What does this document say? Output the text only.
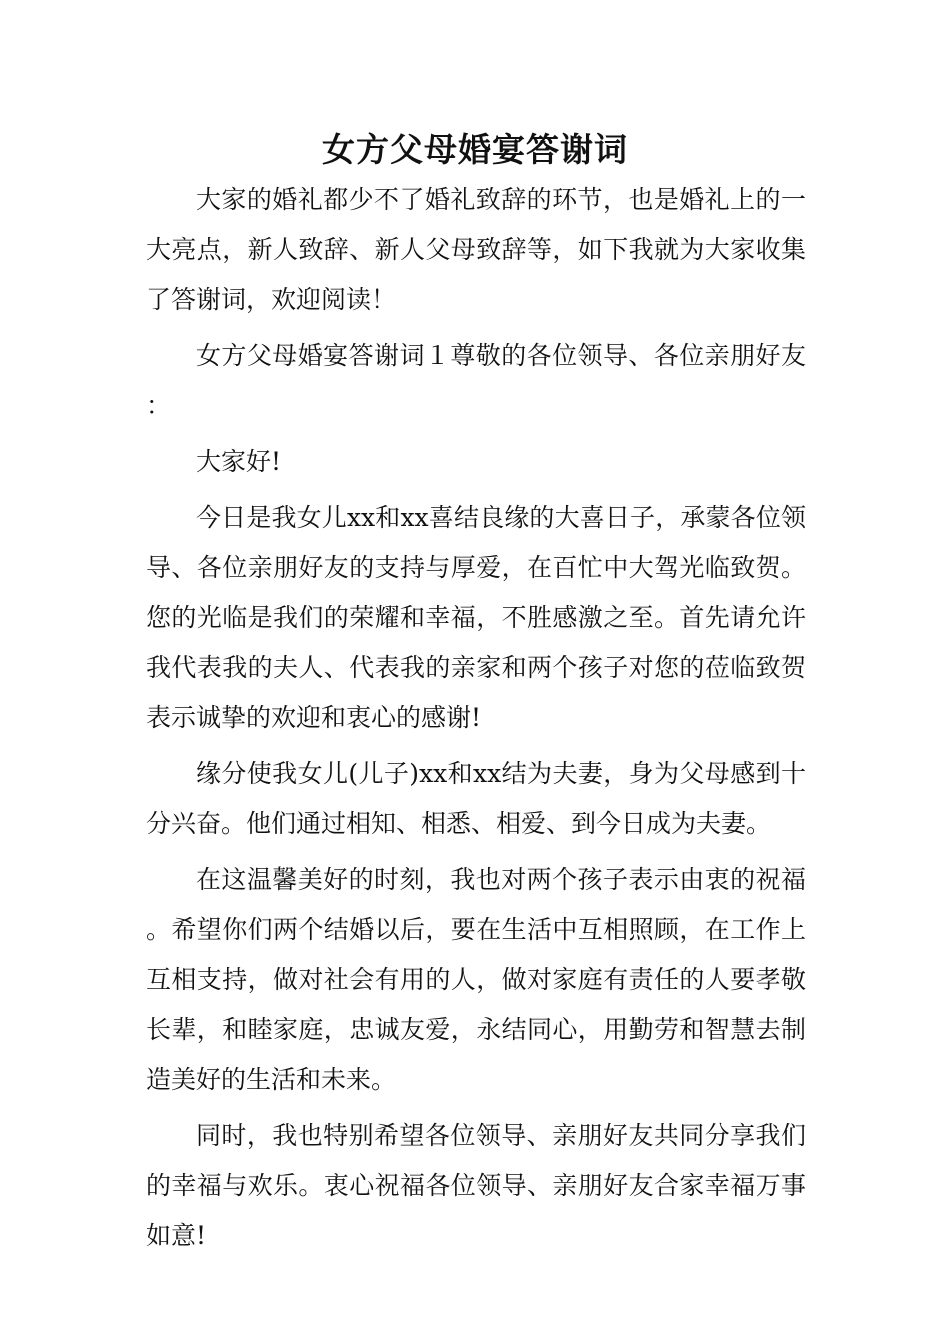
女方父母婚宴答谢词

大家的婚礼都少不了婚礼致辞的环节，也是婚礼上的一大亮点，新人致辞、新人父母致辞等，如下我就为大家收集了答谢词，欢迎阅读！

女方父母婚宴答谢词１尊敬的各位领导、各位亲朋好友：

大家好!

今日是我女儿xx和xx喜结良缘的大喜日子，承蒙各位领导、各位亲朋好友的支持与厚爱，在百忙中大驾光临致贺。您的光临是我们的荣耀和幸福，不胜感激之至。首先请允许我代表我的夫人、代表我的亲家和两个孩子对您的莅临致贺表示诚挚的欢迎和衷心的感谢!

缘分使我女儿(儿子)xx和xx结为夫妻，身为父母感到十分兴奋。他们通过相知、相悉、相爱、到今日成为夫妻。

在这温馨美好的时刻，我也对两个孩子表示由衷的祝福。希望你们两个结婚以后，要在生活中互相照顾，在工作上互相支持，做对社会有用的人，做对家庭有责任的人要孝敬长辈，和睦家庭，忠诚友爱，永结同心，用勤劳和智慧去制造美好的生活和未来。

同时，我也特别希望各位领导、亲朋好友共同分享我们的幸福与欢乐。衷心祝福各位领导、亲朋好友合家幸福万事如意!
